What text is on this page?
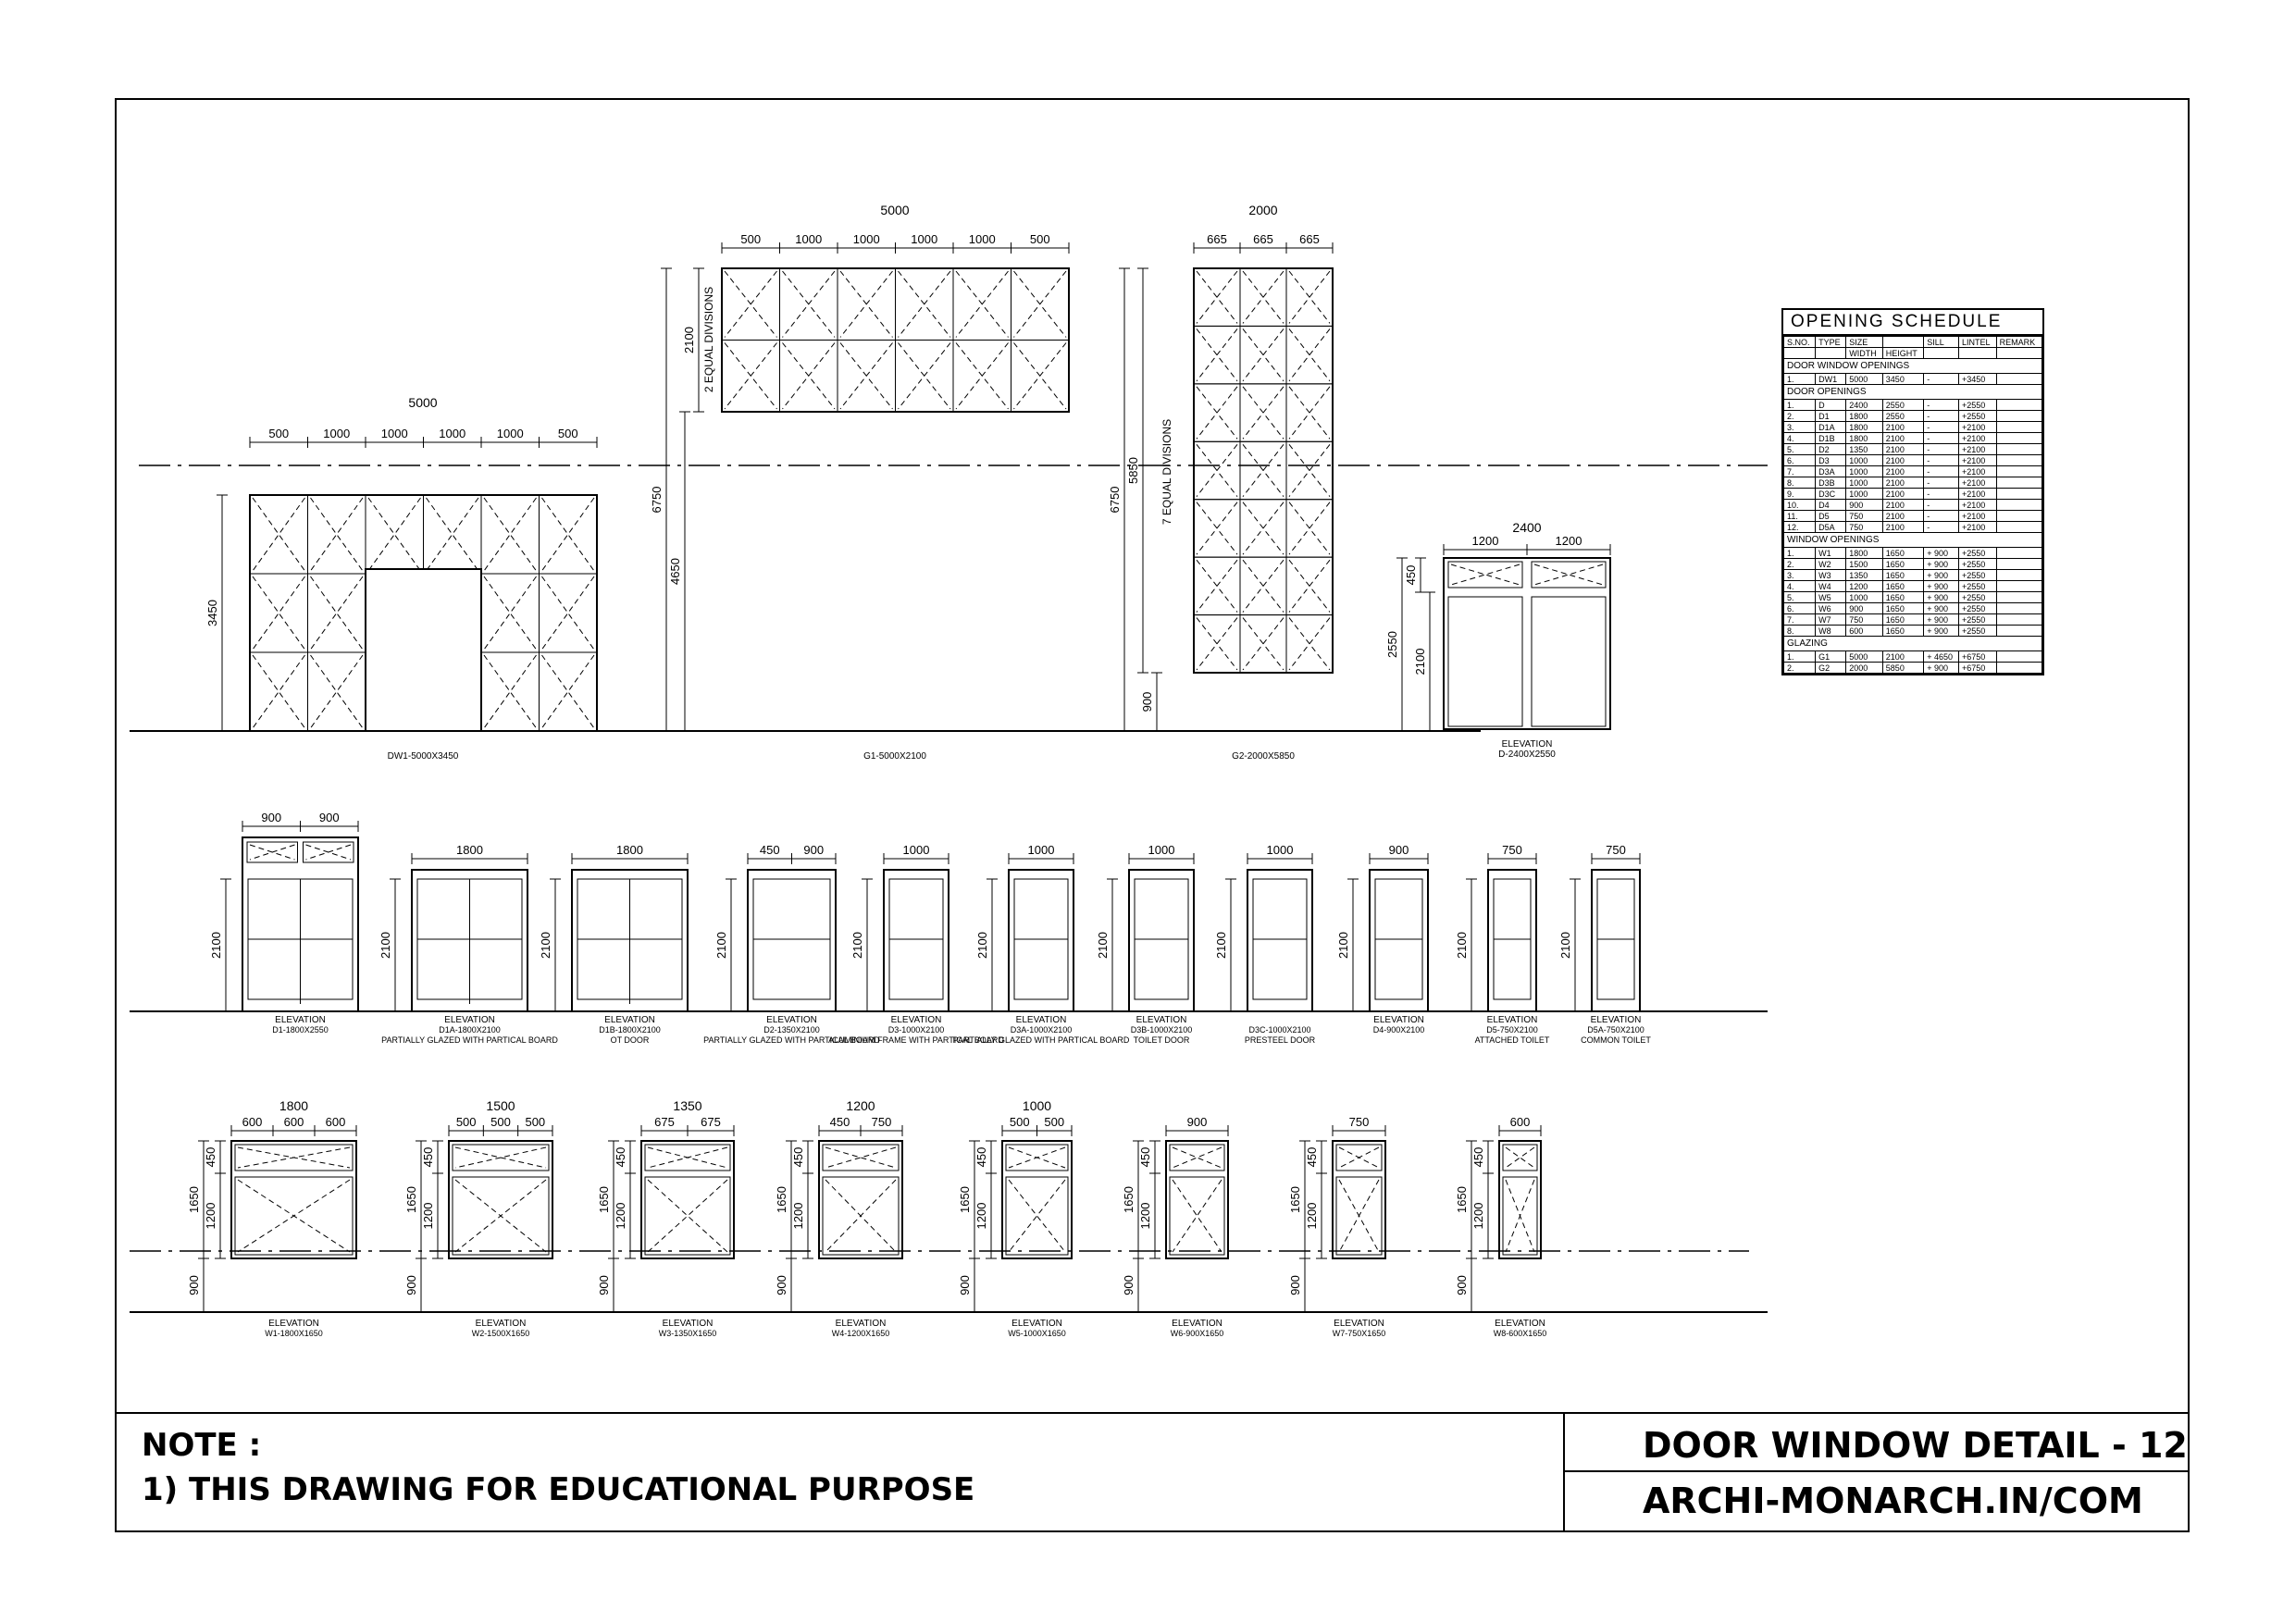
500	1000	1000	1000	1000	500
5000
3450
DW1-5000X3450
500	1000	1000	1000	1000	500
5000
2100 2 EQUAL DIVISIONS
6750
4650
G1-5000X2100
665 665 665
2000
5850 7 EQUAL DIVISIONS
6750
900
G2-2000X5850
1200	1200
2400
450
2550
2100
ELEVATION
D-2400X2550
900	900
2100
ELEVATION
D1-1800X2550
1800
2100
ELEVATION
D1A-1800X2100
PARTIALLY GLAZED WITH PARTICAL BOARD
1800
2100
ELEVATION
D1B-1800X2100
OT DOOR
450 900
2100
ELEVATION
D2-1350X2100
PARTIALLY GLAZED WITH PARTICAL BOARD
1000
2100
ELEVATION
D3-1000X2100
ALUMINIUM FRAME WITH PARTICAL BOARD
1000
2100
ELEVATION
D3A-1000X2100
PARTIALLY GLAZED WITH PARTICAL BOARD
1000
2100
ELEVATION
D3B-1000X2100
TOILET DOOR
1000
2100
D3C-1000X2100
PRESTEEL DOOR
900
2100
ELEVATION
D4-900X2100
750
2100
ELEVATION
D5-750X2100
ATTACHED TOILET
750
2100
ELEVATION
D5A-750X2100
COMMON TOILET
600 600 600
1800
450
1200
1650
900
ELEVATION
W1-1800X1650
500 500 500
1500
450
1200
1650
900
ELEVATION
W2-1500X1650
675 675
1350
450
1200
1650
900
ELEVATION
W3-1350X1650
450 750
1200
450
1200
1650
900
ELEVATION
W4-1200X1650
500 500
1000
450
1200
1650
900
ELEVATION
W5-1000X1650
900
450
1200
1650
900
ELEVATION
W6-900X1650
750
450
1200
1650
900
ELEVATION
W7-750X1650
600
450
1200
1650
900
ELEVATION
W8-600X1650
OPENING SCHEDULE
S.NO.	TYPE	SIZE		SILL	LINTEL	REMARK
		WIDTH	HEIGHT			
DOOR WINDOW OPENINGS						
1.	DW1	5000	3450	-	+3450	
DOOR OPENINGS						
1.	D	2400	2550	-	+2550	
2.	D1	1800	2550	-	+2550	
3.	D1A	1800	2100	-	+2100	
4.	D1B	1800	2100	-	+2100	
5.	D2	1350	2100	-	+2100	
6.	D3	1000	2100	-	+2100	
7.	D3A	1000	2100	-	+2100	
8.	D3B	1000	2100	-	+2100	
9.	D3C	1000	2100	-	+2100	
10.	D4	900	2100	-	+2100	
11.	D5	750	2100	-	+2100	
12.	D5A	750	2100	-	+2100	
WINDOW OPENINGS						
1.	W1	1800	1650	+ 900	+2550	
2.	W2	1500	1650	+ 900	+2550	
3.	W3	1350	1650	+ 900	+2550	
4.	W4	1200	1650	+ 900	+2550	
5.	W5	1000	1650	+ 900	+2550	
6.	W6	900	1650	+ 900	+2550	
7.	W7	750	1650	+ 900	+2550	
8.	W8	600	1650	+ 900	+2550	
GLAZING						
1.	G1	5000	2100	+ 4650	+6750	
2.	G2	2000	5850	+ 900	+6750	
NOTE :
1) THIS DRAWING FOR EDUCATIONAL PURPOSE
DOOR WINDOW DETAIL - 12
ARCHI-MONARCH.IN/COM
